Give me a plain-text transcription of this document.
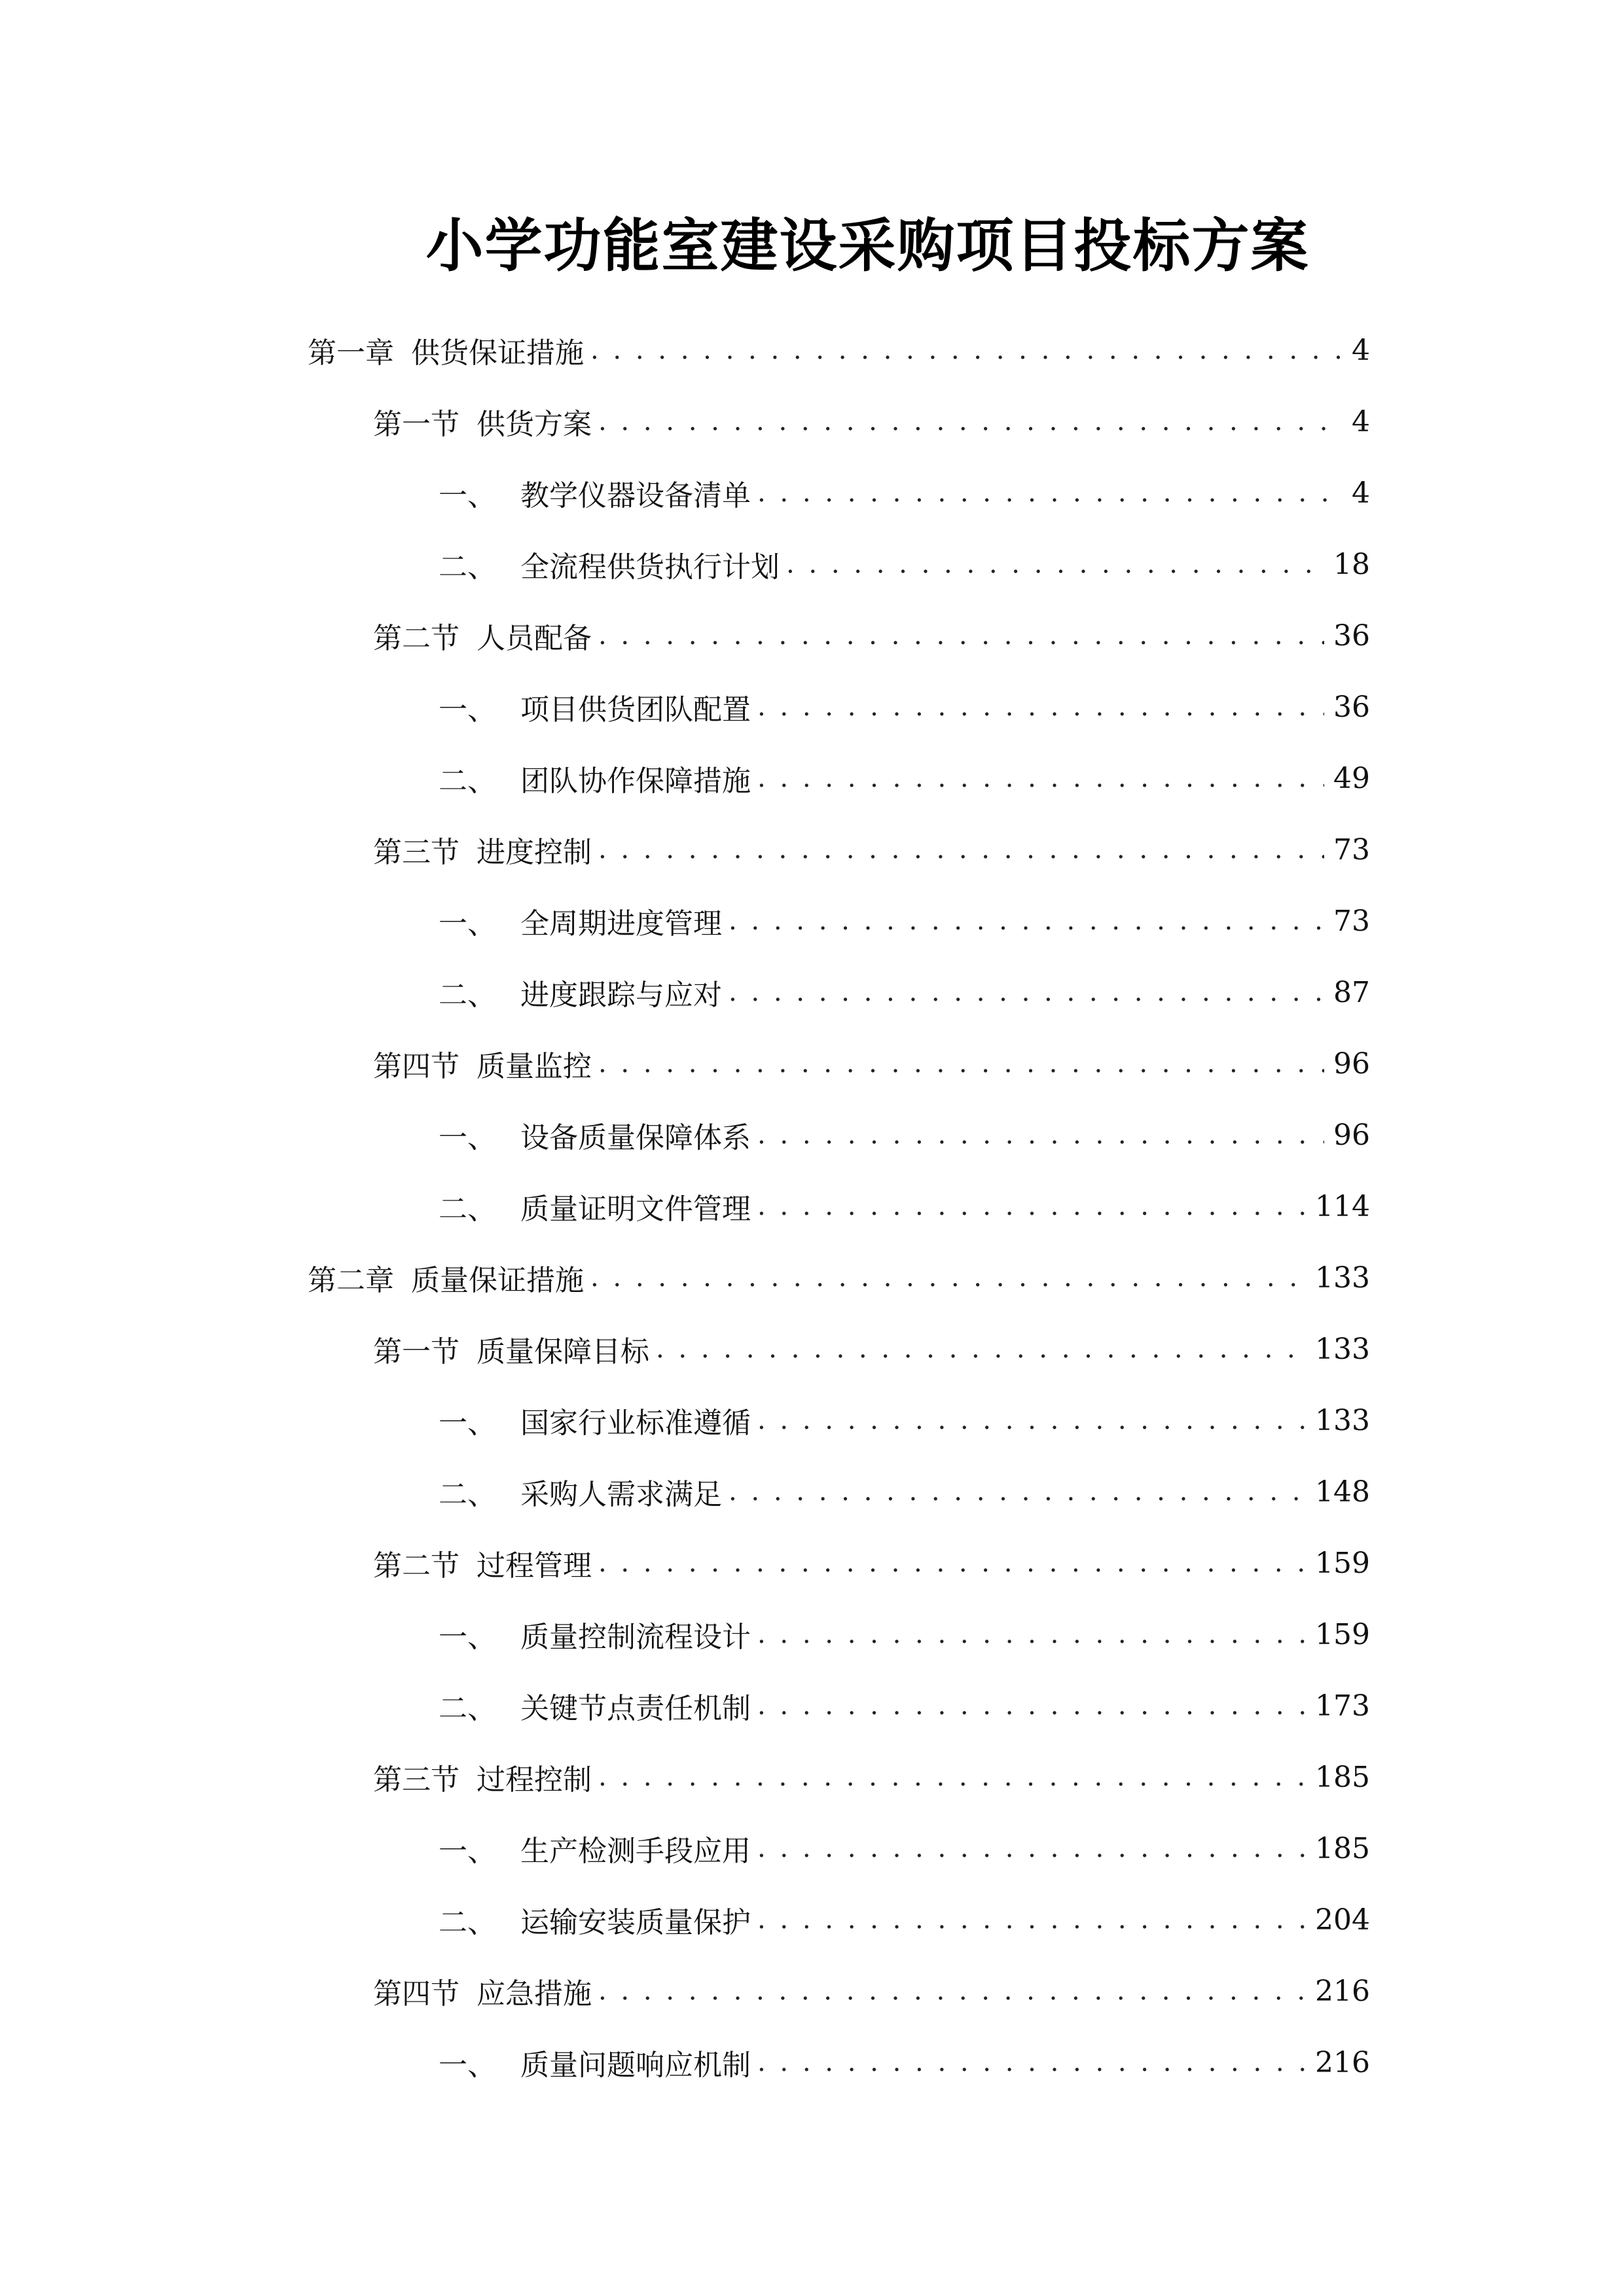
小学功能室建设采购项目投标方案
第一章 供货保证措施 . . .	4
第一节 供货方案 . . .	4
一、 教学仪器设备清单 . . .	4
二、 全流程供货执行计划 . . .	18
第二节 人员配备 . . .	36
一、 项目供货团队配置 . . .	36
二、 团队协作保障措施 . . .	49
第三节 进度控制 . . .	73
一、 全周期进度管理 . . .	73
二、 进度跟踪与应对 . . .	87
第四节 质量监控 . . .	96
一、 设备质量保障体系 . . .	96
二、 质量证明文件管理 . . .	114
第二章 质量保证措施 . . .	133
第一节 质量保障目标 . . .	133
一、 国家行业标准遵循 . . .	133
二、 采购人需求满足 . . .	148
第二节 过程管理 . . .	159
一、 质量控制流程设计 . . .	159
二、 关键节点责任机制 . . .	173
第三节 过程控制 . . .	185
一、 生产检测手段应用 . . .	185
二、 运输安装质量保护 . . .	204
第四节 应急措施 . . .	216
一、 质量问题响应机制 . . .	216
